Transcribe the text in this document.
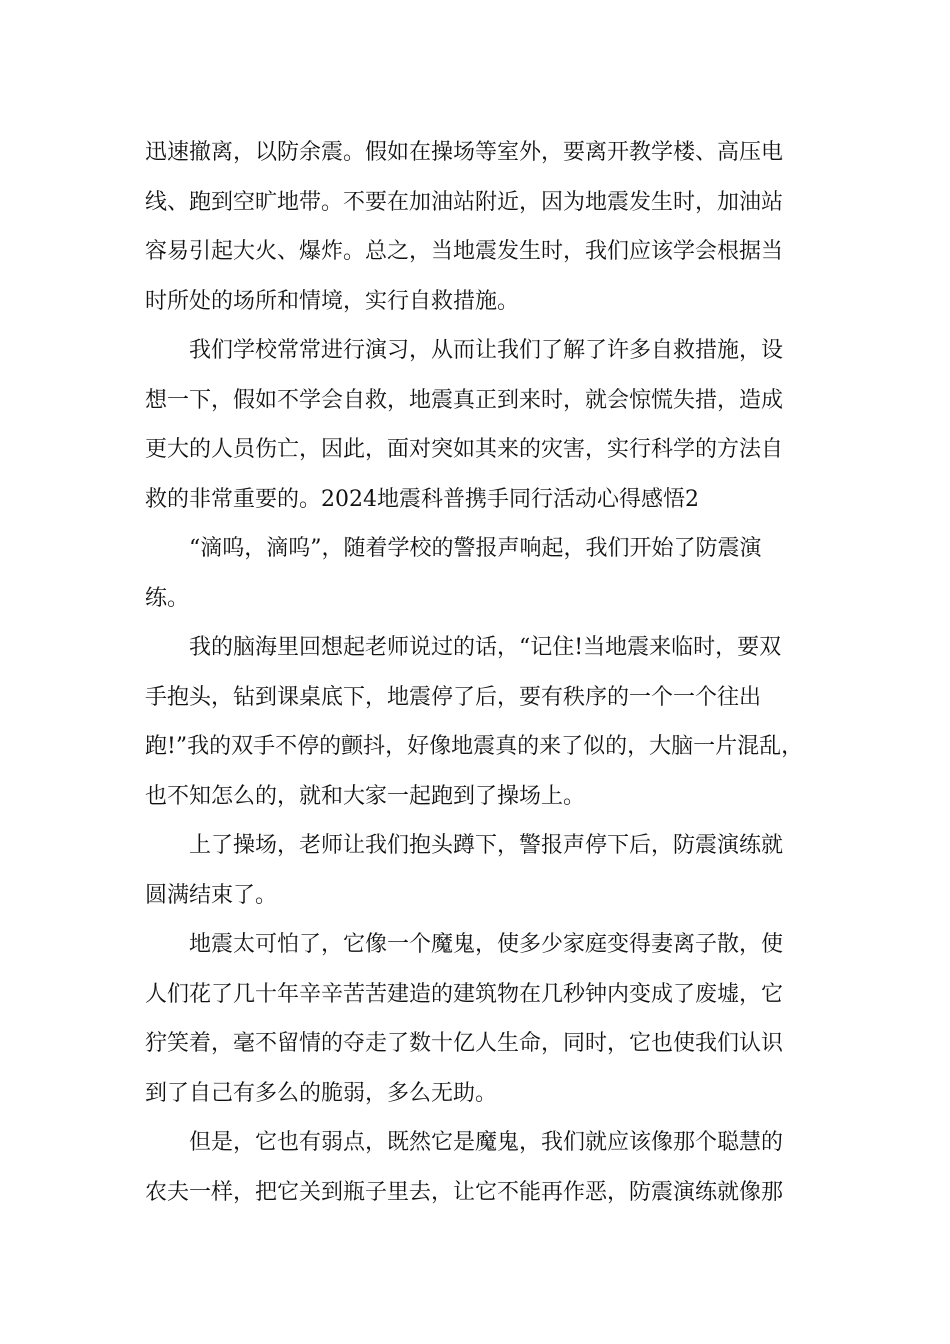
迅速撤离，以防余震。假如在操场等室外，要离开教学楼、高压电
线、跑到空旷地带。不要在加油站附近，因为地震发生时，加油站
容易引起大火、爆炸。总之，当地震发生时，我们应该学会根据当
时所处的场所和情境，实行自救措施。
　　我们学校常常进行演习，从而让我们了解了许多自救措施，设
想一下，假如不学会自救，地震真正到来时，就会惊慌失措，造成
更大的人员伤亡，因此，面对突如其来的灾害，实行科学的方法自
救的非常重要的。2024地震科普携手同行活动心得感悟2
　　“滴呜，滴呜”，随着学校的警报声响起，我们开始了防震演
练。
　　我的脑海里回想起老师说过的话，“记住!当地震来临时，要双
手抱头，钻到课桌底下，地震停了后，要有秩序的一个一个往出
跑!”我的双手不停的颤抖，好像地震真的来了似的，大脑一片混乱，
也不知怎么的，就和大家一起跑到了操场上。
　　上了操场，老师让我们抱头蹲下，警报声停下后，防震演练就
圆满结束了。
　　地震太可怕了，它像一个魔鬼，使多少家庭变得妻离子散，使
人们花了几十年辛辛苦苦建造的建筑物在几秒钟内变成了废墟，它
狞笑着，毫不留情的夺走了数十亿人生命，同时，它也使我们认识
到了自己有多么的脆弱，多么无助。
　　但是，它也有弱点，既然它是魔鬼，我们就应该像那个聪慧的
农夫一样，把它关到瓶子里去，让它不能再作恶，防震演练就像那
